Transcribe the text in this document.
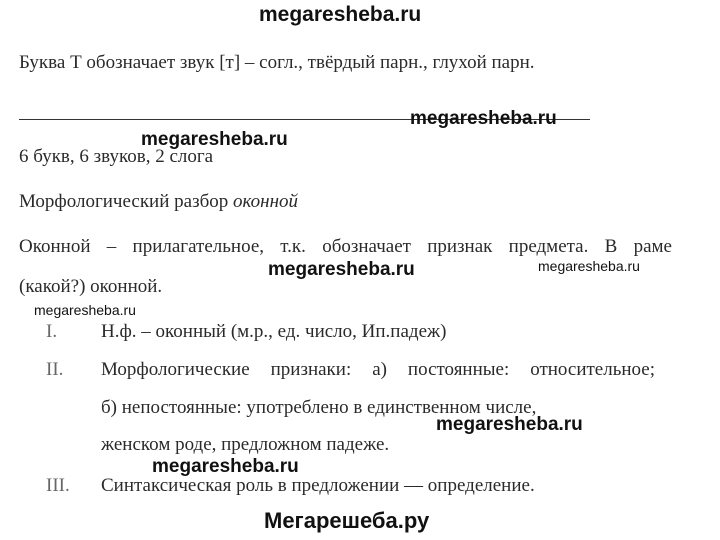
megaresheba.ru
Буква Т обозначает звук [т] – согл., твёрдый парн., глухой парн.
megaresheba.ru
megaresheba.ru
6 букв, 6 звуков, 2 слога
Морфологический разбор оконной
Оконной – прилагательное, т.к. обозначает признак предмета. В раме
megaresheba.ru	megaresheba.ru
(какой?) оконной.
megaresheba.ru
I. Н.ф. – оконный (м.р., ед. число, Ип.падеж)
II. Морфологические признаки: а) постоянные: относительное;
б) непостоянные: употреблено в единственном числе,
женском роде, предложном падеже.
megaresheba.ru
megaresheba.ru
III. Синтаксическая роль в предложении — определение.
Мегарешеба.ру
